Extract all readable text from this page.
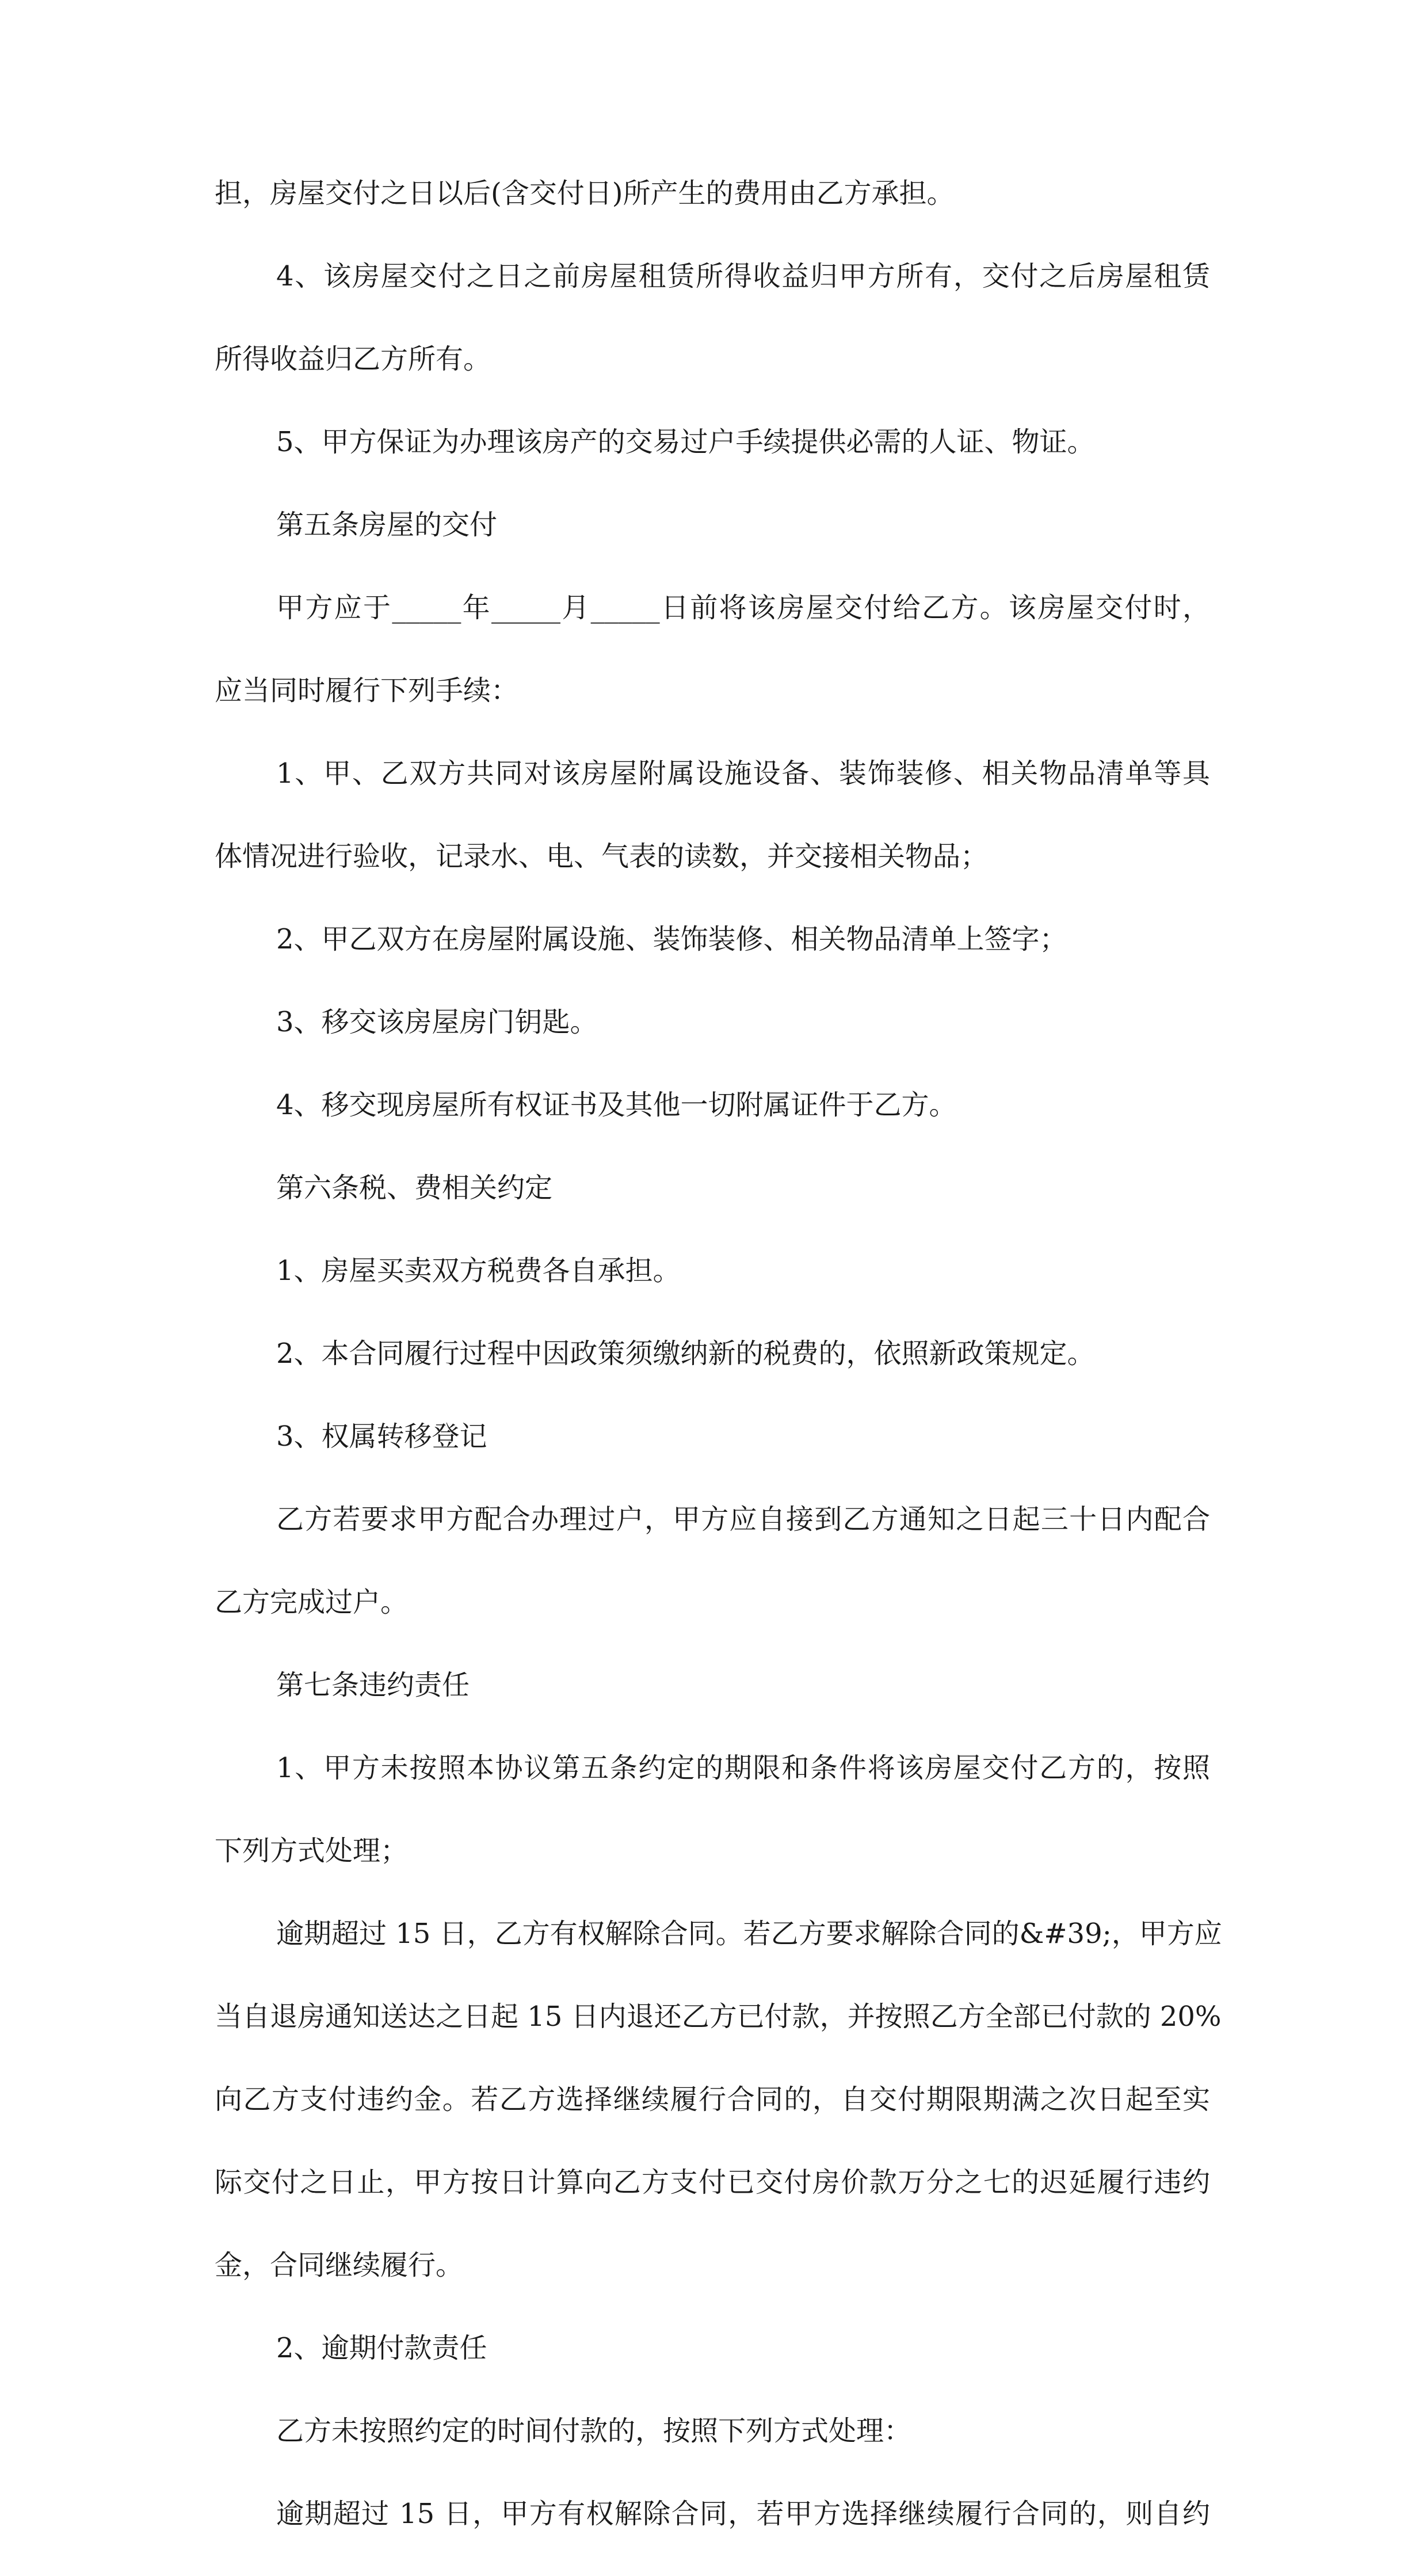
担，房屋交付之日以后(含交付日)所产生的费用由乙方承担。
4、该房屋交付之日之前房屋租赁所得收益归甲方所有，交付之后房屋租赁
所得收益归乙方所有。
5、甲方保证为办理该房产的交易过户手续提供必需的人证、物证。
第五条房屋的交付
甲方应于_____年_____月_____日前将该房屋交付给乙方。该房屋交付时，
应当同时履行下列手续：
1、甲、乙双方共同对该房屋附属设施设备、装饰装修、相关物品清单等具
体情况进行验收，记录水、电、气表的读数，并交接相关物品；
2、甲乙双方在房屋附属设施、装饰装修、相关物品清单上签字；
3、移交该房屋房门钥匙。
4、移交现房屋所有权证书及其他一切附属证件于乙方。
第六条税、费相关约定
1、房屋买卖双方税费各自承担。
2、本合同履行过程中因政策须缴纳新的税费的，依照新政策规定。
3、权属转移登记
乙方若要求甲方配合办理过户，甲方应自接到乙方通知之日起三十日内配合
乙方完成过户。
第七条违约责任
1、甲方未按照本协议第五条约定的期限和条件将该房屋交付乙方的，按照
下列方式处理；
逾期超过 15 日，乙方有权解除合同。若乙方要求解除合同的&#39;，甲方应
当自退房通知送达之日起 15 日内退还乙方已付款，并按照乙方全部已付款的 20%
向乙方支付违约金。若乙方选择继续履行合同的，自交付期限期满之次日起至实
际交付之日止，甲方按日计算向乙方支付已交付房价款万分之七的迟延履行违约
金，合同继续履行。
2、逾期付款责任
乙方未按照约定的时间付款的，按照下列方式处理：
逾期超过 15 日，甲方有权解除合同，若甲方选择继续履行合同的，则自约
